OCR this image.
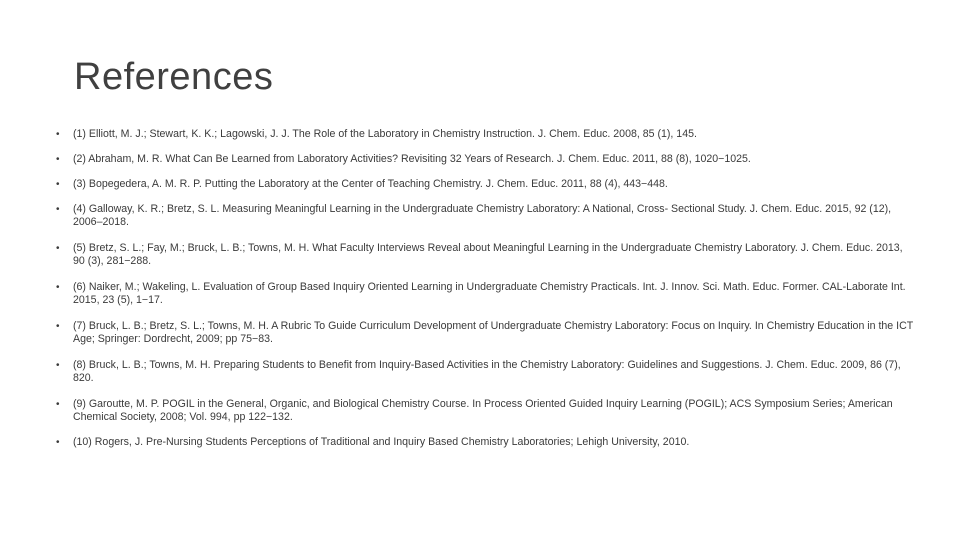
References
• (1) Elliott, M. J.; Stewart, K. K.; Lagowski, J. J. The Role of the Laboratory in Chemistry Instruction. J. Chem. Educ. 2008, 85 (1), 145.
• (2) Abraham, M. R. What Can Be Learned from Laboratory Activities? Revisiting 32 Years of Research. J. Chem. Educ. 2011, 88 (8), 1020−1025.
• (3) Bopegedera, A. M. R. P. Putting the Laboratory at the Center of Teaching Chemistry. J. Chem. Educ. 2011, 88 (4), 443−448.
• (4) Galloway, K. R.; Bretz, S. L. Measuring Meaningful Learning in the Undergraduate Chemistry Laboratory: A National, Cross- Sectional Study. J. Chem. Educ. 2015, 92 (12), 2006–2018.
• (5) Bretz, S. L.; Fay, M.; Bruck, L. B.; Towns, M. H. What Faculty Interviews Reveal about Meaningful Learning in the Undergraduate Chemistry Laboratory. J. Chem. Educ. 2013, 90 (3), 281−288.
• (6) Naiker, M.; Wakeling, L. Evaluation of Group Based Inquiry Oriented Learning in Undergraduate Chemistry Practicals. Int. J. Innov. Sci. Math. Educ. Former. CAL-Laborate Int. 2015, 23 (5), 1−17.
• (7) Bruck, L. B.; Bretz, S. L.; Towns, M. H. A Rubric To Guide Curriculum Development of Undergraduate Chemistry Laboratory: Focus on Inquiry. In Chemistry Education in the ICT Age; Springer: Dordrecht, 2009; pp 75−83.
• (8) Bruck, L. B.; Towns, M. H. Preparing Students to Benefit from Inquiry-Based Activities in the Chemistry Laboratory: Guidelines and Suggestions. J. Chem. Educ. 2009, 86 (7), 820.
• (9) Garoutte, M. P. POGIL in the General, Organic, and Biological Chemistry Course. In Process Oriented Guided Inquiry Learning (POGIL); ACS Symposium Series; American Chemical Society, 2008; Vol. 994, pp 122−132.
• (10) Rogers, J. Pre-Nursing Students Perceptions of Traditional and Inquiry Based Chemistry Laboratories; Lehigh University, 2010.
